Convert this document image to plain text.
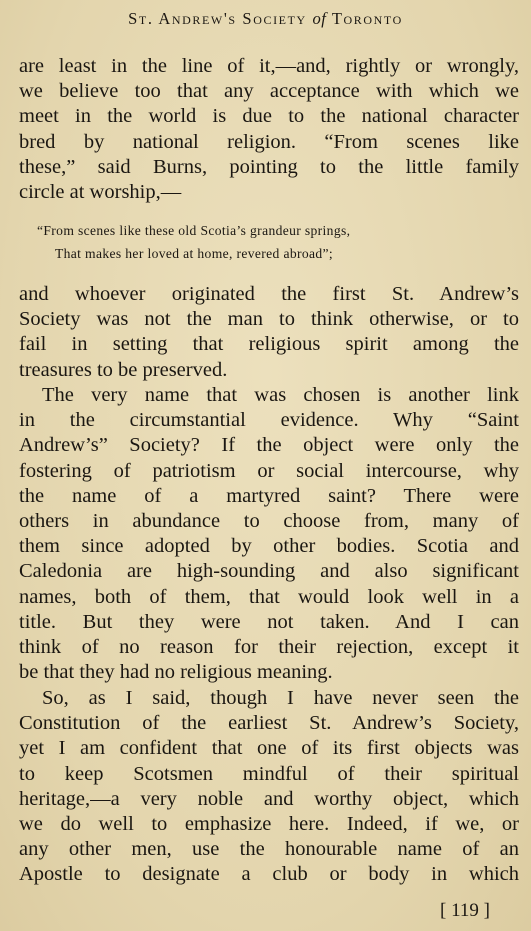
St. Andrew's Society of Toronto
are least in the line of it,—and, rightly or wrongly,
we believe too that any acceptance with which we
meet in the world is due to the national character
bred by national religion. “From scenes like
these,” said Burns, pointing to the little family
circle at worship,—
“From scenes like these old Scotia’s grandeur springs,
That makes her loved at home, revered abroad”;
and whoever originated the first St. Andrew’s
Society was not the man to think otherwise, or to
fail in setting that religious spirit among the
treasures to be preserved.
The very name that was chosen is another link
in the circumstantial evidence. Why “Saint
Andrew’s” Society? If the object were only the
fostering of patriotism or social intercourse, why
the name of a martyred saint? There were
others in abundance to choose from, many of
them since adopted by other bodies. Scotia and
Caledonia are high-sounding and also significant
names, both of them, that would look well in a
title. But they were not taken. And I can
think of no reason for their rejection, except it
be that they had no religious meaning.
So, as I said, though I have never seen the
Constitution of the earliest St. Andrew’s Society,
yet I am confident that one of its first objects was
to keep Scotsmen mindful of their spiritual
heritage,—a very noble and worthy object, which
we do well to emphasize here. Indeed, if we, or
any other men, use the honourable name of an
Apostle to designate a club or body in which
[ 119 ]
